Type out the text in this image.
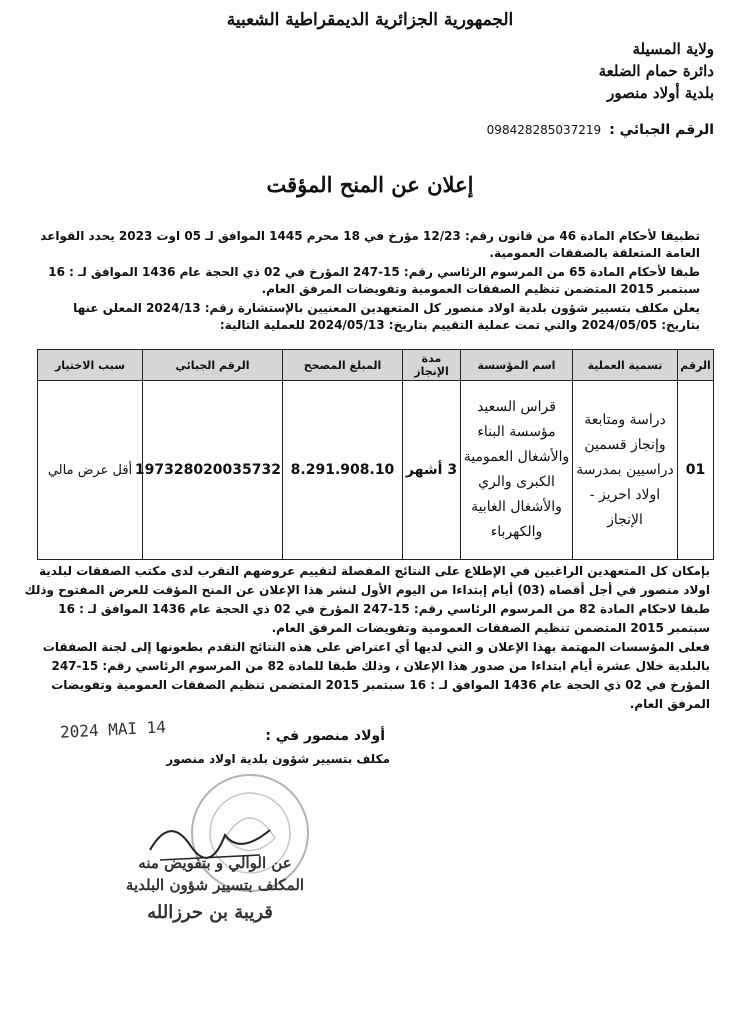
الجمهورية الجزائرية الديمقراطية الشعبية
ولاية المسيلة
دائرة حمام الضلعة
بلدية أولاد منصور
الرقم الجبائي :098428285037219
إعلان عن المنح المؤقت

تطبيقا لأحكام المادة 46 من قانون رقم: 12/23 مؤرخ في 18 محرم 1445 الموافق لـ 05 اوت 2023 يحدد القواعد العامة المتعلقة بالصفقات العمومية.

طبقا لأحكام المادة 65 من المرسوم الرئاسي رقم: 15-247 المؤرخ في 02 ذي الحجة عام 1436 الموافق لـ : 16 سبتمبر 2015 المتضمن تنظيم الصفقات العمومية وتفويضات المرفق العام.

يعلن مكلف بتسيير شؤون بلدية اولاد منصور كل المتعهدين المعنيين بالإستشارة رقم: 2024/13 المعلن عنها بتاريخ: 2024/05/05 والتي تمت عملية التقييم بتاريخ: 2024/05/13 للعملية التالية:

الرقم	تسمية العملية	اسم المؤسسة	مدة الإنجاز	المبلغ المصحح	الرقم الجبائي	سبب الاختيار
01	دراسة ومتابعة وإنجاز قسمين دراسيين بمدرسة اولاد احريز - الإنجاز	قراس السعيد مؤسسة البناء والأشغال العمومية الكبرى والري والأشغال الغابية والكهرباء	3 أشهر	8.291.908.10	197328020035732	أقل عرض مالي

بإمكان كل المتعهدين الراغبين في الإطلاع على النتائج المفصلة لتقييم عروضهم التقرب لدى مكتب الصفقات لبلدية اولاد منصور في أجل أقصاه (03) أيام إبتداءا من اليوم الأول لنشر هذا الإعلان عن المنح المؤقت للعرض المفتوح وذلك طبقا لاحكام المادة 82 من المرسوم الرئاسي رقم: 15-247 المؤرخ في 02 ذي الحجة عام 1436 الموافق لـ : 16 سبتمبر 2015 المتضمن تنظيم الصفقات العمومية وتفويضات المرفق العام.

فعلى المؤسسات المهتمة بهذا الإعلان و التي لديها أي اعتراض على هذه النتائج التقدم بطعونها إلى لجنة الصفقات بالبلدية خلال عشرة أيام ابتداءا من صدور هذا الإعلان ، وذلك طبقا للمادة 82 من المرسوم الرئاسي رقم: 15-247 المؤرخ في 02 ذي الحجة عام 1436 الموافق لـ : 16 سبتمبر 2015 المتضمن تنظيم الصفقات العمومية وتفويضات المرفق العام.

2024 MAI 14	أولاد منصور في :
مكلف بتسيير شؤون بلدية اولاد منصور
عن الوالي و بتفويض منه
المكلف بتسيير شؤون البلدية
قريبة بن حرزالله
